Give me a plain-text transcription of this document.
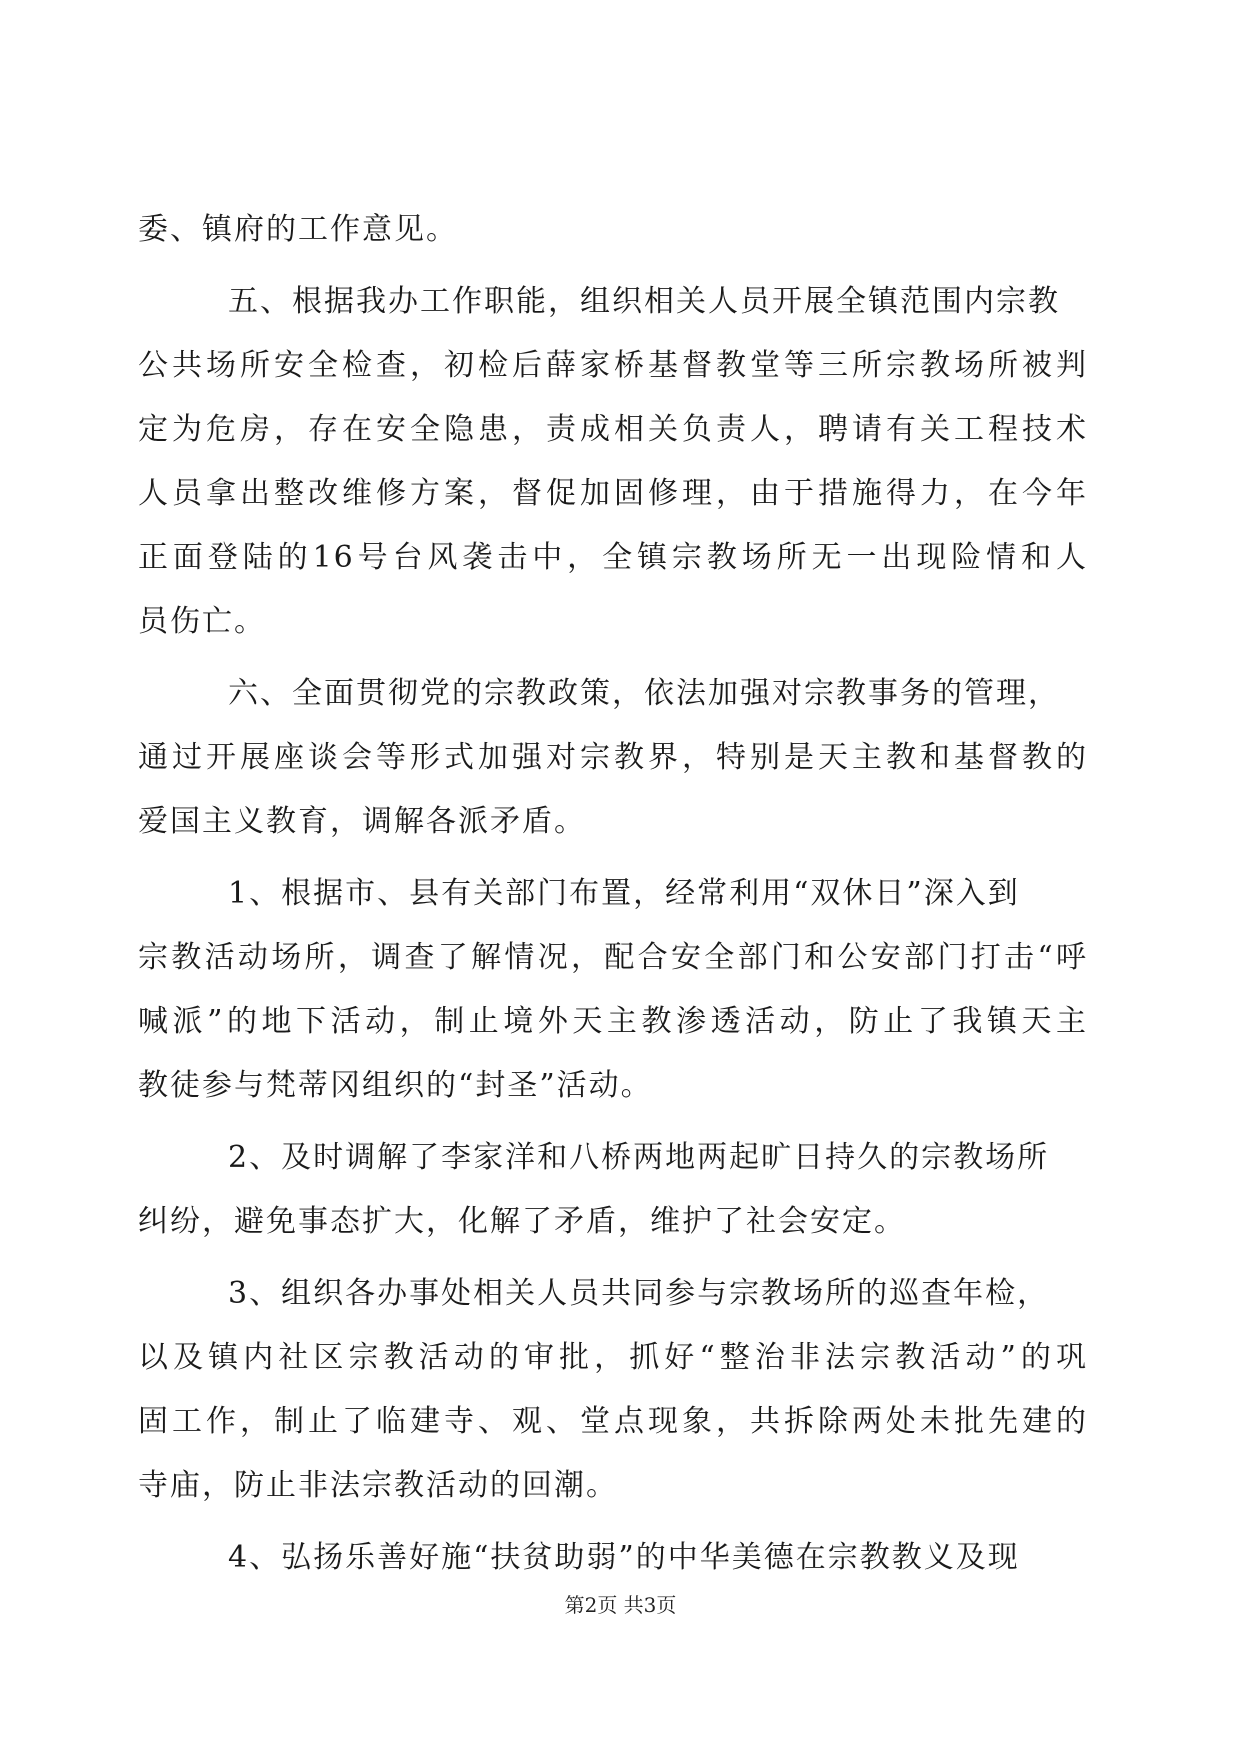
委、镇府的工作意见。
五、根据我办工作职能，组织相关人员开展全镇范围内宗教
公共场所安全检查，初检后薛家桥基督教堂等三所宗教场所被判
定为危房，存在安全隐患，责成相关负责人，聘请有关工程技术
人员拿出整改维修方案，督促加固修理，由于措施得力，在今年
正面登陆的16号台风袭击中，全镇宗教场所无一出现险情和人
员伤亡。
六、全面贯彻党的宗教政策，依法加强对宗教事务的管理，
通过开展座谈会等形式加强对宗教界，特别是天主教和基督教的
爱国主义教育，调解各派矛盾。
1、根据市、县有关部门布置，经常利用“双休日”深入到
宗教活动场所，调查了解情况，配合安全部门和公安部门打击“呼
喊派”的地下活动，制止境外天主教渗透活动，防止了我镇天主
教徒参与梵蒂冈组织的“封圣”活动。
2、及时调解了李家洋和八桥两地两起旷日持久的宗教场所
纠纷，避免事态扩大，化解了矛盾，维护了社会安定。
3、组织各办事处相关人员共同参与宗教场所的巡查年检，
以及镇内社区宗教活动的审批，抓好“整治非法宗教活动”的巩
固工作，制止了临建寺、观、堂点现象，共拆除两处未批先建的
寺庙，防止非法宗教活动的回潮。
4、弘扬乐善好施“扶贫助弱”的中华美德在宗教教义及现
第2页 共3页
